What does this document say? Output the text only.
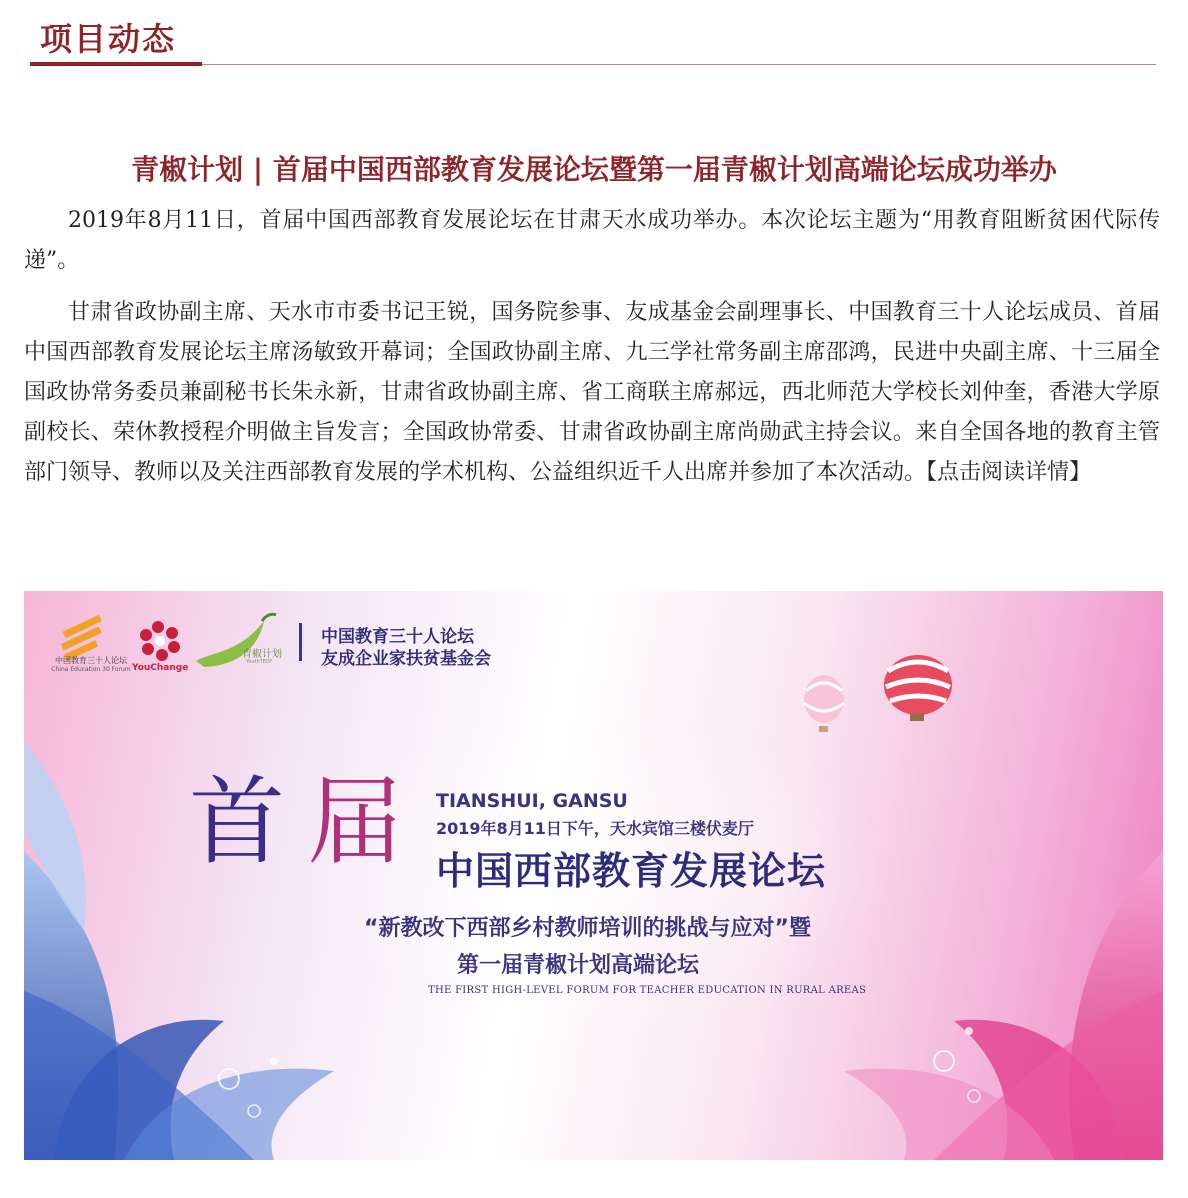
项目动态
青椒计划 | 首届中国西部教育发展论坛暨第一届青椒计划高端论坛成功举办

2019年8月11日，首届中国西部教育发展论坛在甘肃天水成功举办。本次论坛主题为“用教育阻断贫困代际传递”。

甘肃省政协副主席、天水市市委书记王锐，国务院参事、友成基金会副理事长、中国教育三十人论坛成员、首届中国西部教育发展论坛主席汤敏致开幕词；全国政协副主席、九三学社常务副主席邵鸿，民进中央副主席、十三届全国政协常务委员兼副秘书长朱永新，甘肃省政协副主席、省工商联主席郝远，西北师范大学校长刘仲奎，香港大学原副校长、荣休教授程介明做主旨发言；全国政协常委、甘肃省政协副主席尚勋武主持会议。来自全国各地的教育主管部门领导、教师以及关注西部教育发展的学术机构、公益组织近千人出席并参加了本次活动。【点击阅读详情】

中国教育三十人论坛
China Education 30 Forum YouChange
青椒计划
YouthTEEP
中国教育三十人论坛
友成企业家扶贫基金会
首 届 TIANSHUI, GANSU
2019年8月11日下午，天水宾馆三楼伏麦厅
中国西部教育发展论坛
“新教改下西部乡村教师培训的挑战与应对”暨
第一届青椒计划高端论坛
THE FIRST HIGH-LEVEL FORUM FOR TEACHER EDUCATION IN RURAL AREAS
